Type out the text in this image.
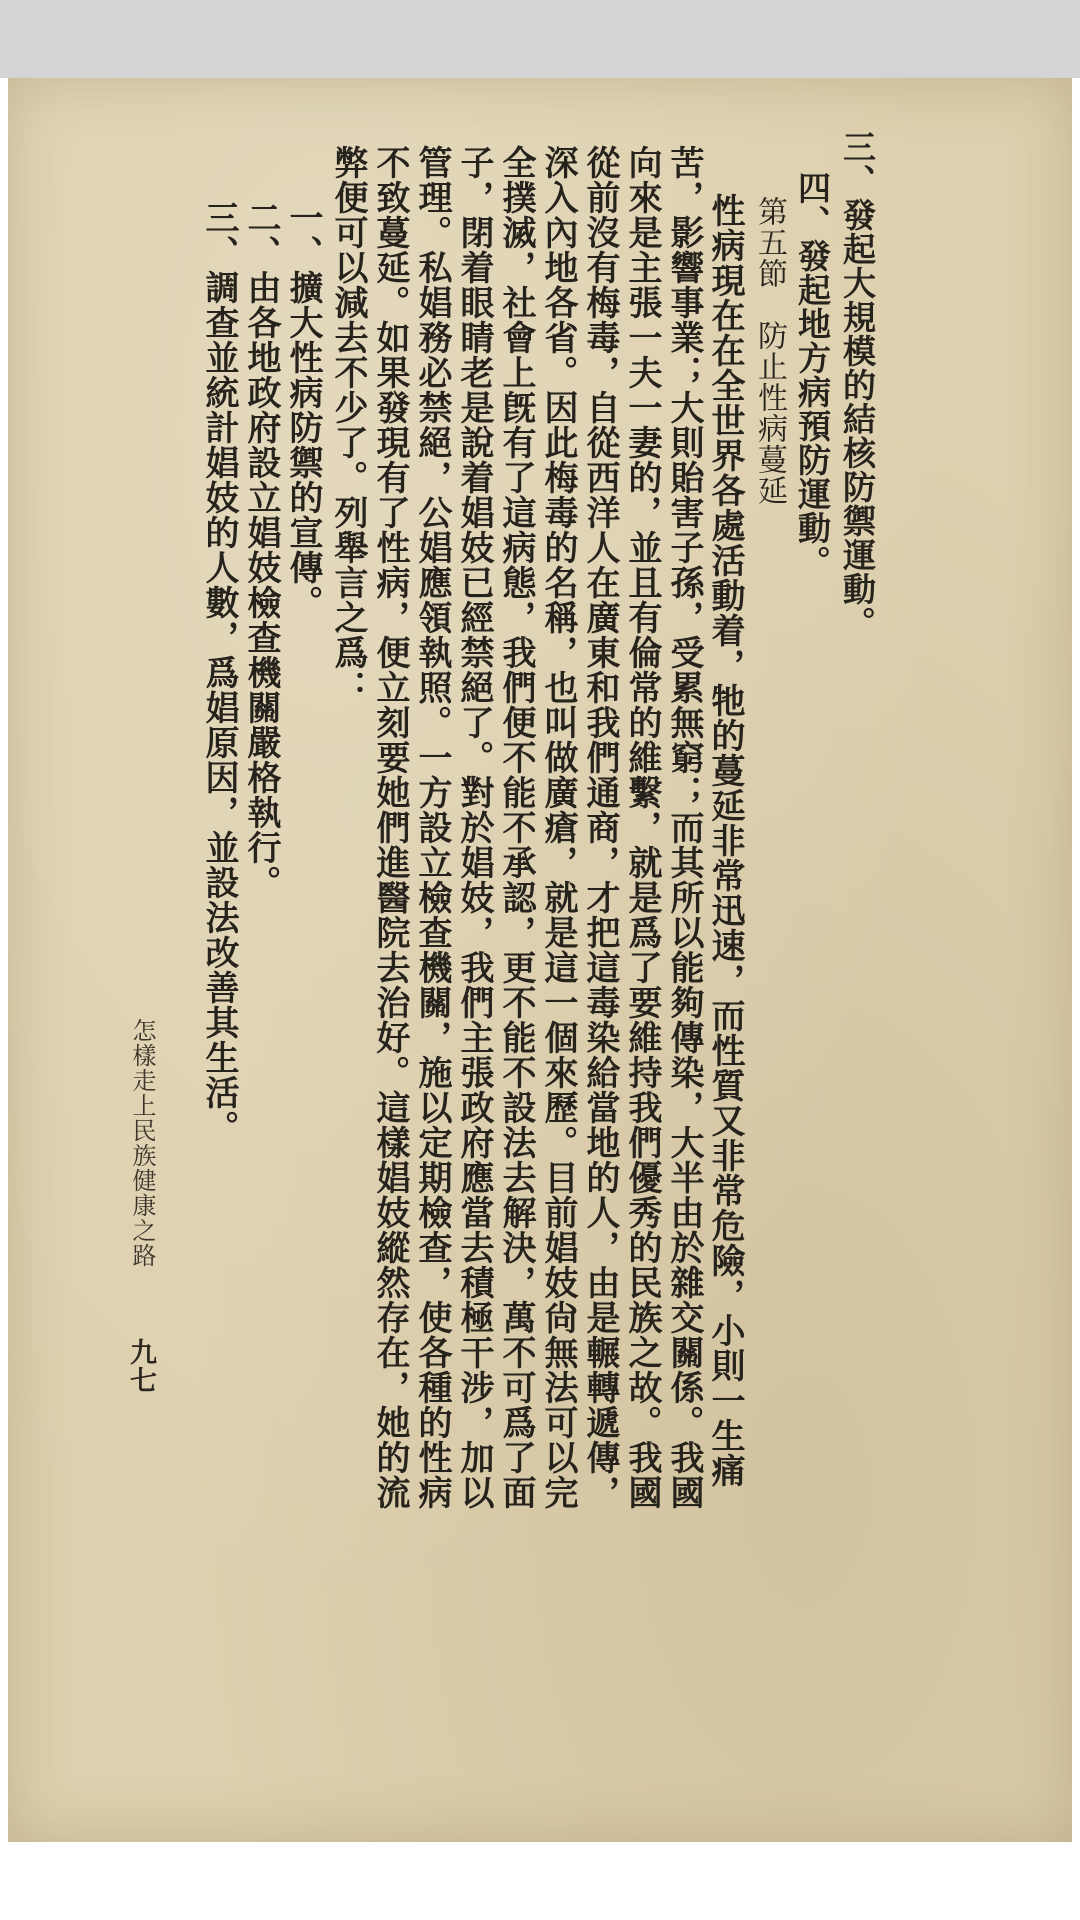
三、發起大規模的結核防禦運動。
四、發起地方病預防運動。
第五節　防止性病蔓延
性病現在在全世界各處活動着，牠的蔓延非常迅速，而性質又非常危險，小則一生痛
苦，影響事業；大則貽害子孫，受累無窮；而其所以能夠傳染，大半由於雜交關係。我國
向來是主張一夫一妻的，並且有倫常的維繫，就是爲了要維持我們優秀的民族之故。我國
從前沒有梅毒，自從西洋人在廣東和我們通商，才把這毒染給當地的人，由是輾轉遞傳，
深入內地各省。因此梅毒的名稱，也叫做廣瘡，就是這一個來歷。目前娼妓尙無法可以完
全撲滅，社會上旣有了這病態，我們便不能不承認，更不能不設法去解決，萬不可爲了面
子，閉着眼睛老是說着娼妓已經禁絕了。對於娼妓，我們主張政府應當去積極干涉，加以
管理。私娼務必禁絕，公娼應領執照。一方設立檢查機關，施以定期檢查，使各種的性病
不致蔓延。如果發現有了性病，便立刻要她們進醫院去治好。這樣娼妓縱然存在，她的流
弊便可以減去不少了。列舉言之爲：
一、擴大性病防禦的宣傳。
二、由各地政府設立娼妓檢查機關嚴格執行。
三、調查並統計娼妓的人數，爲娼原因，並設法改善其生活。
怎樣走上民族健康之路
九七
